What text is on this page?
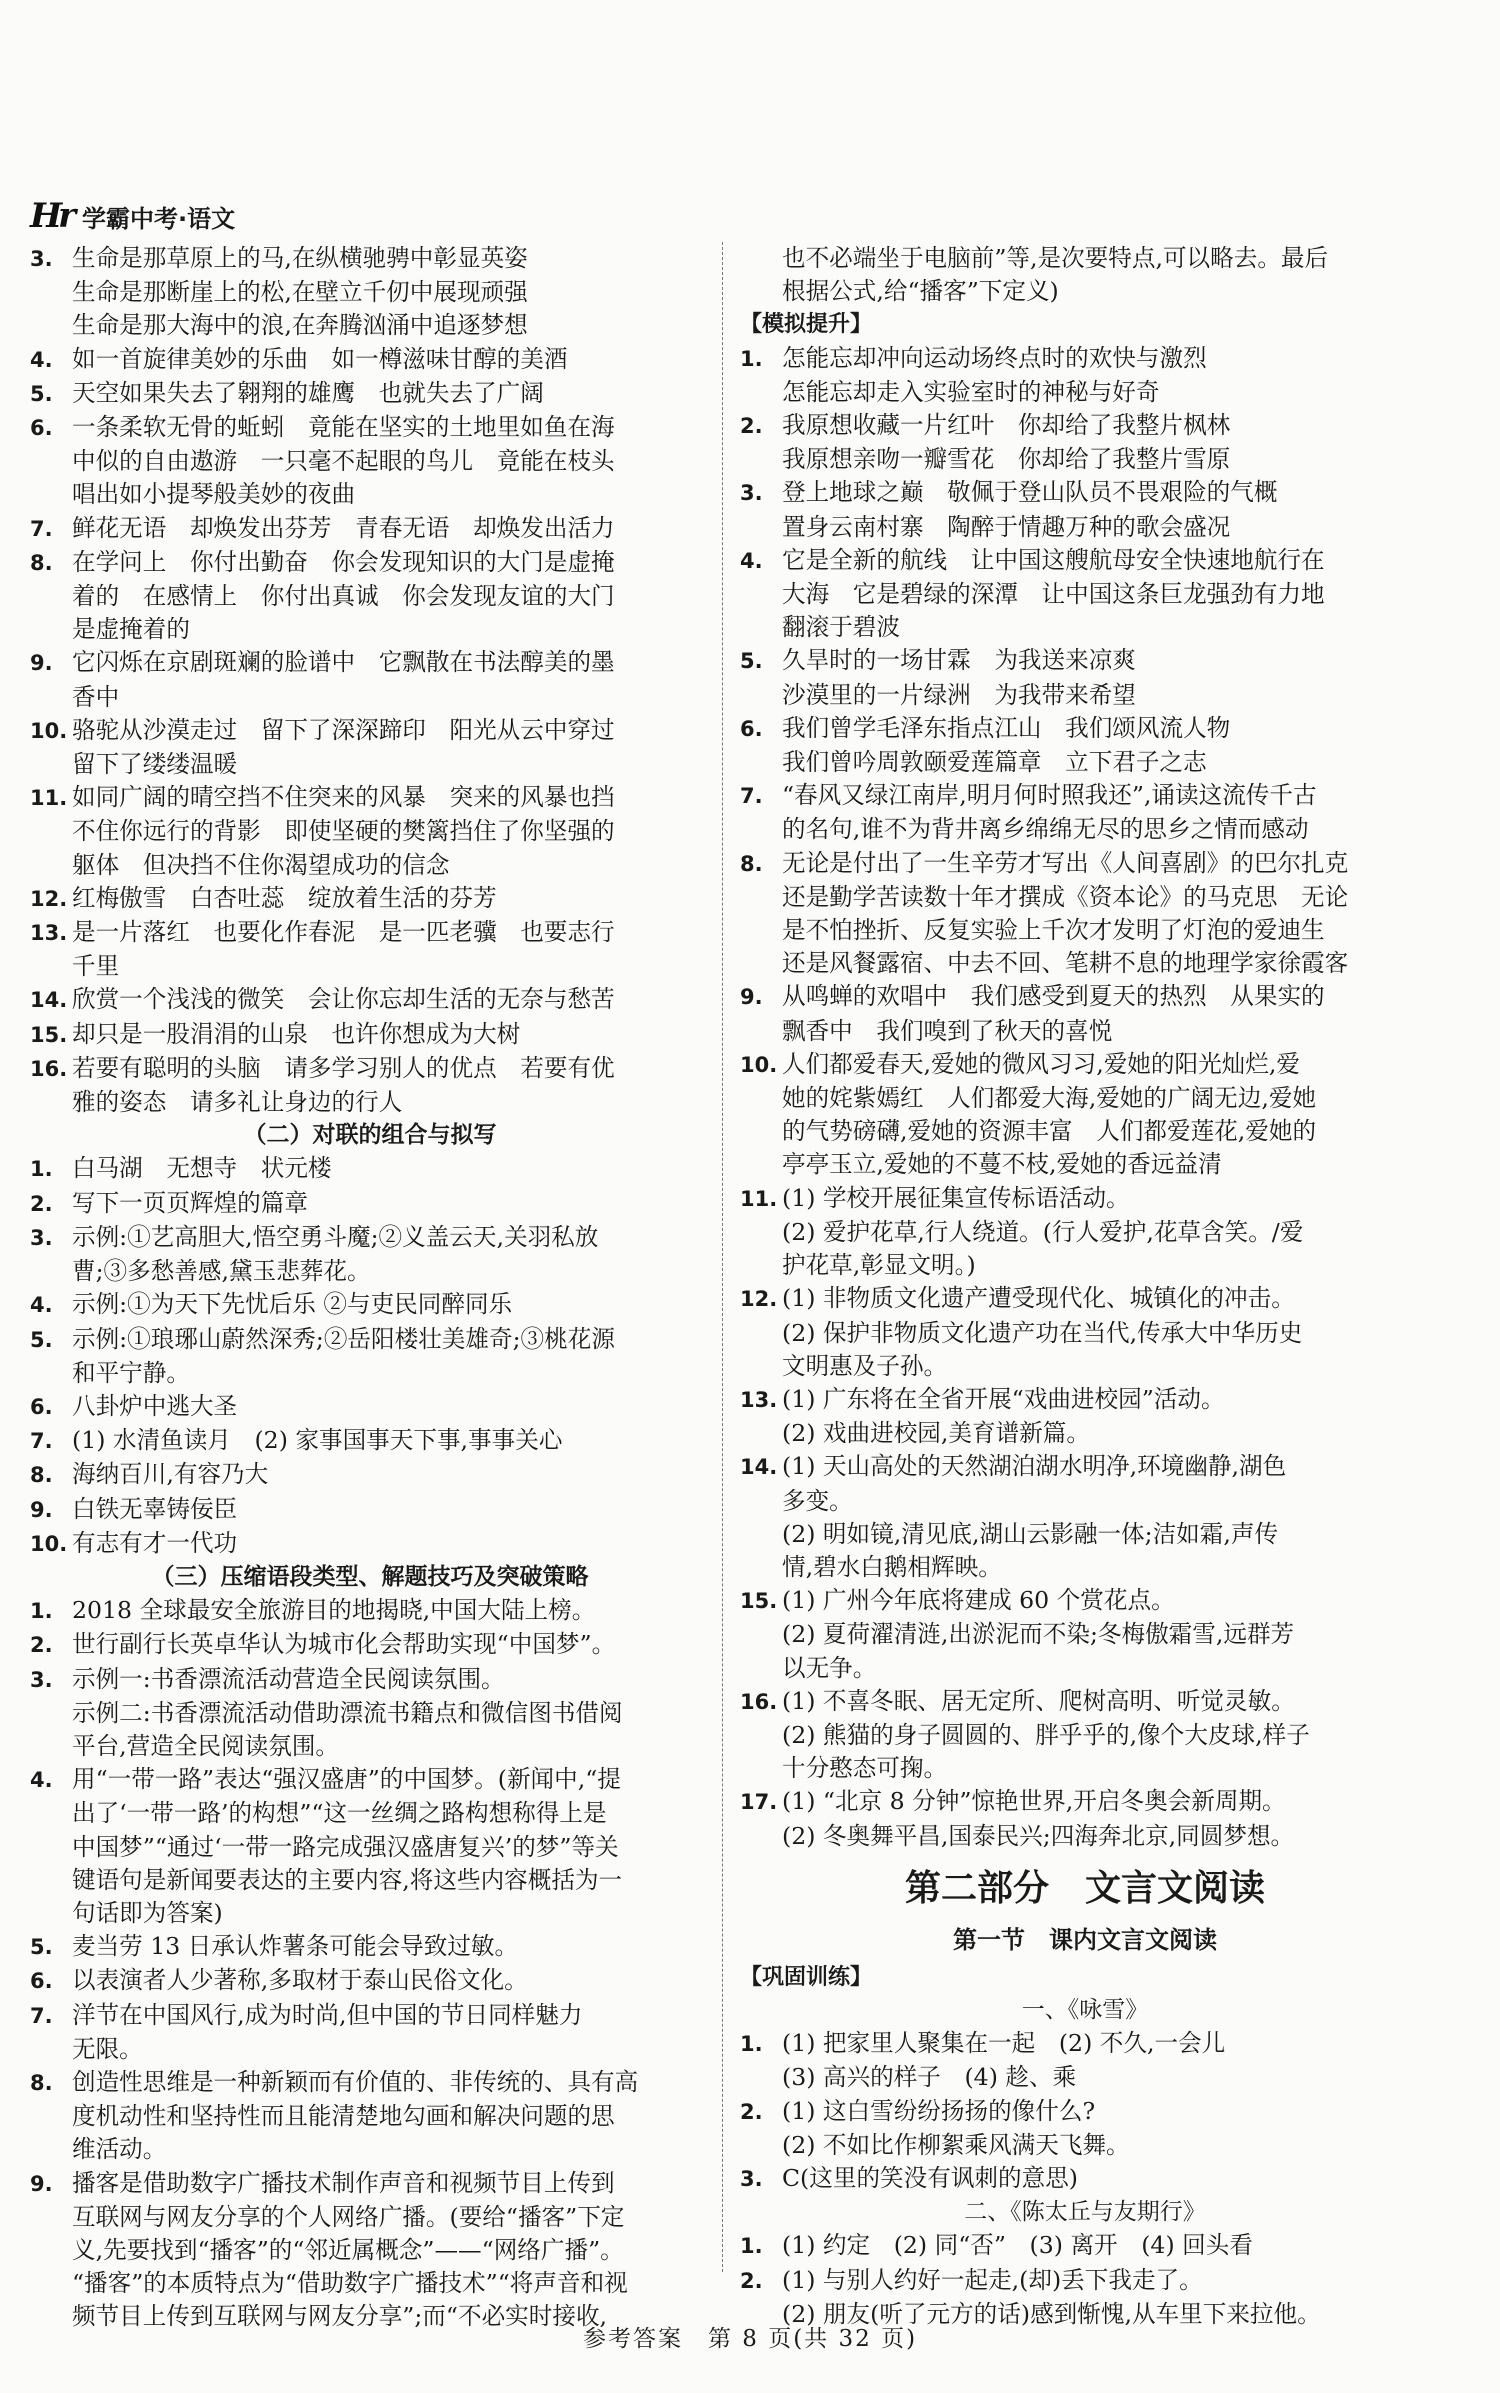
Hr 学霸中考·语文
3. 生命是那草原上的马,在纵横驰骋中彰显英姿
生命是那断崖上的松,在壁立千仞中展现顽强
生命是那大海中的浪,在奔腾汹涌中追逐梦想
4. 如一首旋律美妙的乐曲　如一樽滋味甘醇的美酒
5. 天空如果失去了翱翔的雄鹰　也就失去了广阔
6. 一条柔软无骨的蚯蚓　竟能在坚实的土地里如鱼在海
中似的自由遨游　一只毫不起眼的鸟儿　竟能在枝头
唱出如小提琴般美妙的夜曲
7. 鲜花无语　却焕发出芬芳　青春无语　却焕发出活力
8. 在学问上　你付出勤奋　你会发现知识的大门是虚掩
着的　在感情上　你付出真诚　你会发现友谊的大门
是虚掩着的
9. 它闪烁在京剧斑斓的脸谱中　它飘散在书法醇美的墨
香中
10. 骆驼从沙漠走过　留下了深深蹄印　阳光从云中穿过
留下了缕缕温暖
11. 如同广阔的晴空挡不住突来的风暴　突来的风暴也挡
不住你远行的背影　即使坚硬的樊篱挡住了你坚强的
躯体　但决挡不住你渴望成功的信念
12. 红梅傲雪　白杏吐蕊　绽放着生活的芬芳
13. 是一片落红　也要化作春泥　是一匹老骥　也要志行
千里
14. 欣赏一个浅浅的微笑　会让你忘却生活的无奈与愁苦
15. 却只是一股涓涓的山泉　也许你想成为大树
16. 若要有聪明的头脑　请多学习别人的优点　若要有优
雅的姿态　请多礼让身边的行人
（二）对联的组合与拟写
1. 白马湖　无想寺　状元楼
2. 写下一页页辉煌的篇章
3. 示例:①艺高胆大,悟空勇斗魔;②义盖云天,关羽私放
曹;③多愁善感,黛玉悲葬花。
4. 示例:①为天下先忧后乐 ②与吏民同醉同乐
5. 示例:①琅琊山蔚然深秀;②岳阳楼壮美雄奇;③桃花源
和平宁静。
6. 八卦炉中逃大圣
7. (1) 水清鱼读月　(2) 家事国事天下事,事事关心
8. 海纳百川,有容乃大
9. 白铁无辜铸佞臣
10. 有志有才一代功
（三）压缩语段类型、解题技巧及突破策略
1. 2018 全球最安全旅游目的地揭晓,中国大陆上榜。
2. 世行副行长英卓华认为城市化会帮助实现“中国梦”。
3. 示例一:书香漂流活动营造全民阅读氛围。
示例二:书香漂流活动借助漂流书籍点和微信图书借阅
平台,营造全民阅读氛围。
4. 用“一带一路”表达“强汉盛唐”的中国梦。(新闻中,“提
出了‘一带一路’的构想”“这一丝绸之路构想称得上是
中国梦”“通过‘一带一路完成强汉盛唐复兴’的梦”等关
键语句是新闻要表达的主要内容,将这些内容概括为一
句话即为答案)
5. 麦当劳 13 日承认炸薯条可能会导致过敏。
6. 以表演者人少著称,多取材于泰山民俗文化。
7. 洋节在中国风行,成为时尚,但中国的节日同样魅力
无限。
8. 创造性思维是一种新颖而有价值的、非传统的、具有高
度机动性和坚持性而且能清楚地勾画和解决问题的思
维活动。
9. 播客是借助数字广播技术制作声音和视频节目上传到
互联网与网友分享的个人网络广播。(要给“播客”下定
义,先要找到“播客”的“邻近属概念”——“网络广播”。
“播客”的本质特点为“借助数字广播技术”“将声音和视
频节目上传到互联网与网友分享”;而“不必实时接收,
也不必端坐于电脑前”等,是次要特点,可以略去。最后
根据公式,给“播客”下定义)
【模拟提升】
1. 怎能忘却冲向运动场终点时的欢快与激烈
怎能忘却走入实验室时的神秘与好奇
2. 我原想收藏一片红叶　你却给了我整片枫林
我原想亲吻一瓣雪花　你却给了我整片雪原
3. 登上地球之巅　敬佩于登山队员不畏艰险的气概
置身云南村寨　陶醉于情趣万种的歌会盛况
4. 它是全新的航线　让中国这艘航母安全快速地航行在
大海　它是碧绿的深潭　让中国这条巨龙强劲有力地
翻滚于碧波
5. 久旱时的一场甘霖　为我送来凉爽
沙漠里的一片绿洲　为我带来希望
6. 我们曾学毛泽东指点江山　我们颂风流人物
我们曾吟周敦颐爱莲篇章　立下君子之志
7. “春风又绿江南岸,明月何时照我还”,诵读这流传千古
的名句,谁不为背井离乡绵绵无尽的思乡之情而感动
8. 无论是付出了一生辛劳才写出《人间喜剧》的巴尔扎克
还是勤学苦读数十年才撰成《资本论》的马克思　无论
是不怕挫折、反复实验上千次才发明了灯泡的爱迪生
还是风餐露宿、中去不回、笔耕不息的地理学家徐霞客
9. 从鸣蝉的欢唱中　我们感受到夏天的热烈　从果实的
飘香中　我们嗅到了秋天的喜悦
10. 人们都爱春天,爱她的微风习习,爱她的阳光灿烂,爱
她的姹紫嫣红　人们都爱大海,爱她的广阔无边,爱她
的气势磅礴,爱她的资源丰富　人们都爱莲花,爱她的
亭亭玉立,爱她的不蔓不枝,爱她的香远益清
11. (1) 学校开展征集宣传标语活动。
(2) 爱护花草,行人绕道。(行人爱护,花草含笑。/爱
护花草,彰显文明。)
12. (1) 非物质文化遗产遭受现代化、城镇化的冲击。
(2) 保护非物质文化遗产功在当代,传承大中华历史
文明惠及子孙。
13. (1) 广东将在全省开展“戏曲进校园”活动。
(2) 戏曲进校园,美育谱新篇。
14. (1) 天山高处的天然湖泊湖水明净,环境幽静,湖色
多变。
(2) 明如镜,清见底,湖山云影融一体;洁如霜,声传
情,碧水白鹅相辉映。
15. (1) 广州今年底将建成 60 个赏花点。
(2) 夏荷濯清涟,出淤泥而不染;冬梅傲霜雪,远群芳
以无争。
16. (1) 不喜冬眠、居无定所、爬树高明、听觉灵敏。
(2) 熊猫的身子圆圆的、胖乎乎的,像个大皮球,样子
十分憨态可掬。
17. (1) “北京 8 分钟”惊艳世界,开启冬奥会新周期。
(2) 冬奥舞平昌,国泰民兴;四海奔北京,同圆梦想。
第二部分　文言文阅读
第一节　课内文言文阅读
【巩固训练】
一、《咏雪》
1. (1) 把家里人聚集在一起　(2) 不久,一会儿
(3) 高兴的样子　(4) 趁、乘
2. (1) 这白雪纷纷扬扬的像什么?
(2) 不如比作柳絮乘风满天飞舞。
3. C(这里的笑没有讽刺的意思)
二、《陈太丘与友期行》
1. (1) 约定　(2) 同“否”　(3) 离开　(4) 回头看
2. (1) 与别人约好一起走,(却)丢下我走了。
(2) 朋友(听了元方的话)感到惭愧,从车里下来拉他。
参考答案　第 8 页(共 32 页)
